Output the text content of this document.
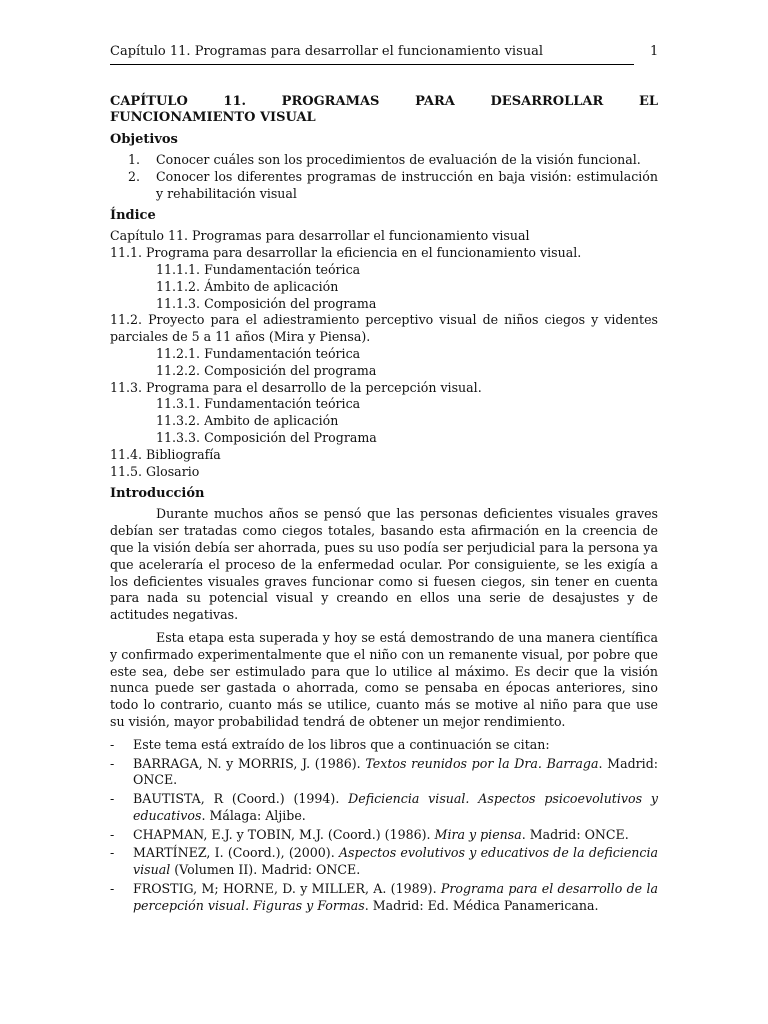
Capítulo 11. Programas para desarrollar el funcionamiento visual	1
CAPÍTULO	11.	PROGRAMAS	PARA	DESARROLLAR	EL
FUNCIONAMIENTO VISUAL
Objetivos
1.	Conocer cuáles son los procedimientos de evaluación de la visión funcional.
2.	Conocer los diferentes programas de instrucción en baja visión: estimulación y rehabilitación visual
Índice
Capítulo 11. Programas para desarrollar el funcionamiento visual
11.1. Programa para desarrollar la eficiencia en el funcionamiento visual.
11.1.1. Fundamentación teórica
11.1.2. Ámbito de aplicación
11.1.3. Composición del programa
11.2. Proyecto para el adiestramiento perceptivo visual de niños ciegos y videntes parciales de 5 a 11 años (Mira y Piensa).
11.2.1. Fundamentación teórica
11.2.2. Composición del programa
11.3. Programa para el desarrollo de la percepción visual.
11.3.1. Fundamentación teórica
11.3.2. Ambito de aplicación
11.3.3. Composición del Programa
11.4. Bibliografía
11.5. Glosario
Introducción

Durante muchos años se pensó que las personas deficientes visuales graves debían ser tratadas como ciegos totales, basando esta afirmación en la creencia de que la visión debía ser ahorrada, pues su uso podía ser perjudicial para la persona ya que aceleraría el proceso de la enfermedad ocular. Por consiguiente, se les exigía a los deficientes visuales graves funcionar como si fuesen ciegos, sin tener en cuenta para nada su potencial visual y creando en ellos una serie de desajustes y de actitudes negativas.

Esta etapa esta superada y hoy se está demostrando de una manera científica y confirmado experimentalmente que el niño con un remanente visual, por pobre que este sea, debe ser estimulado para que lo utilice al máximo. Es decir que la visión nunca puede ser gastada o ahorrada, como se pensaba en épocas anteriores, sino todo lo contrario, cuanto más se utilice, cuanto más se motive al niño para que use su visión, mayor probabilidad tendrá de obtener un mejor rendimiento.

-	Este tema está extraído de los libros que a continuación se citan:
-	BARRAGA, N. y MORRIS, J. (1986). Textos reunidos por la Dra. Barraga. Madrid: ONCE.
-	BAUTISTA, R (Coord.) (1994). Deficiencia visual. Aspectos psicoevolutivos y educativos. Málaga: Aljibe.
-	CHAPMAN, E.J. y TOBIN, M.J. (Coord.) (1986). Mira y piensa. Madrid: ONCE.
-	MARTÍNEZ, I. (Coord.), (2000). Aspectos evolutivos y educativos de la deficiencia visual (Volumen II). Madrid: ONCE.
-	FROSTIG, M; HORNE, D. y MILLER, A. (1989). Programa para el desarrollo de la percepción visual. Figuras y Formas. Madrid: Ed. Médica Panamericana.
